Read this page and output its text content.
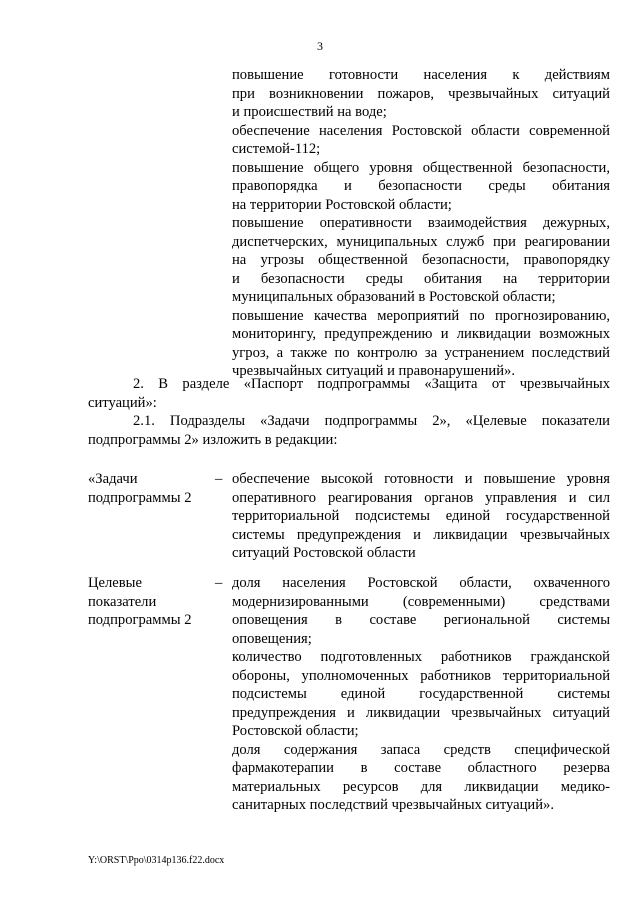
3

повышение готовности населения к действиям
при возникновении пожаров, чрезвычайных ситуаций
и происшествий на воде;

обеспечение населения Ростовской области современной
системой-112;

повышение общего уровня общественной безопасности,
правопорядка и безопасности среды обитания
на территории Ростовской области;

повышение оперативности взаимодействия дежурных,
диспетчерских, муниципальных служб при реагировании
на угрозы общественной безопасности, правопорядку
и безопасности среды обитания на территории
муниципальных образований в Ростовской области;

повышение качества мероприятий по прогнозированию,
мониторингу, предупреждению и ликвидации возможных
угроз, а также по контролю за устранением последствий
чрезвычайных ситуаций и правонарушений».

2. В разделе «Паспорт подпрограммы «Защита от чрезвычайных
ситуаций»:
2.1. Подразделы «Задачи подпрограммы 2», «Целевые показатели
подпрограммы 2» изложить в редакции:
«Задачи
подпрограммы 2
– обеспечение высокой готовности и повышение уровня
оперативного реагирования органов управления и сил
территориальной подсистемы единой государственной
системы предупреждения и ликвидации чрезвычайных
ситуаций Ростовской области
Целевые
показатели
подпрограммы 2
– доля населения Ростовской области, охваченного
модернизированными (современными) средствами
оповещения в составе региональной системы
оповещения;

количество подготовленных работников гражданской
обороны, уполномоченных работников территориальной
подсистемы единой государственной системы
предупреждения и ликвидации чрезвычайных ситуаций
Ростовской области;

доля содержания запаса средств специфической
фармакотерапии в составе областного резерва
материальных ресурсов для ликвидации медико-
санитарных последствий чрезвычайных ситуаций».

Y:\ORST\Ppo\0314p136.f22.docx
